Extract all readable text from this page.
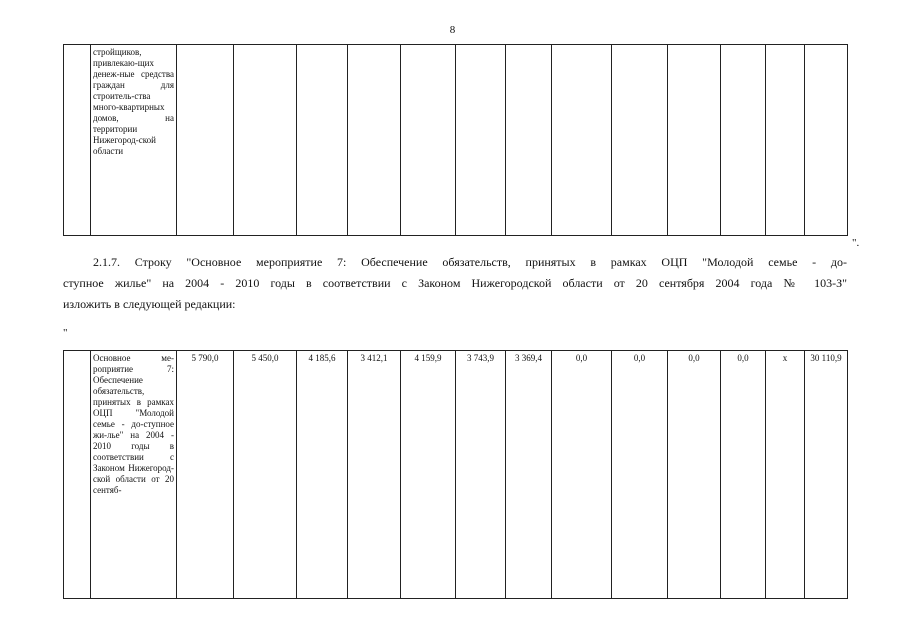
8
	стройщиков, привлекаю-щих денеж-ные средства граждан для строитель-ства много-квартирных домов, на территории Нижегород-ской области													
".
2.1.7. Строку "Основное мероприятие 7: Обеспечение обязательств, принятых в рамках ОЦП "Молодой семье - до-
ступное жилье" на 2004 - 2010 годы в соответствии с Законом Нижегородской области от 20 сентября 2004 года № 103-З"
изложить в следующей редакции:
"
	Основное ме-роприятие 7: Обеспечение обязательств, принятых в рамках ОЦП "Молодой семье - до-ступное жи-лье" на 2004 - 2010 годы в соответствии с Законом Нижегород-ской области от 20 сентяб-	5 790,0	5 450,0	4 185,6	3 412,1	4 159,9	3 743,9	3 369,4	0,0	0,0	0,0	0,0	х	30 110,9
